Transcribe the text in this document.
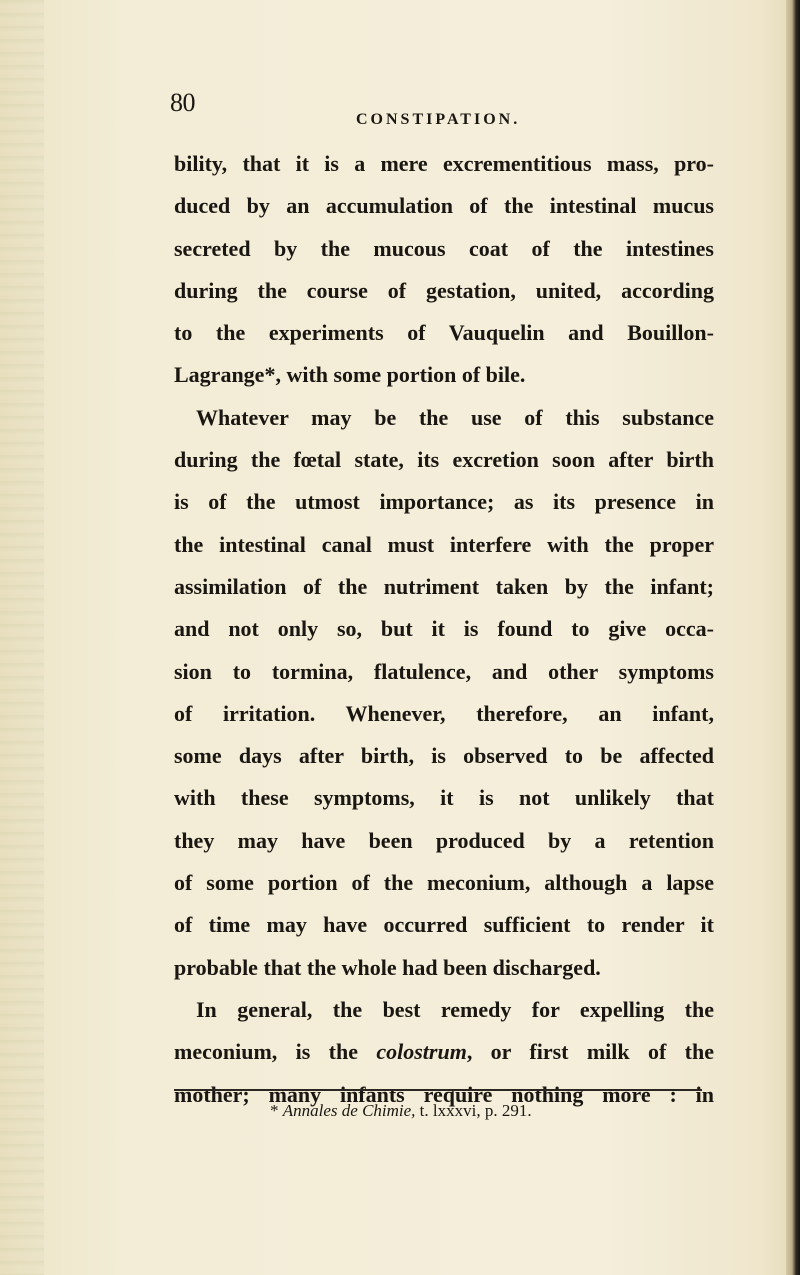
80
CONSTIPATION.
bility, that it is a mere excrementitious mass, pro-
duced by an accumulation of the intestinal mucus
secreted by the mucous coat of the intestines
during the course of gestation, united, according
to the experiments of Vauquelin and Bouillon-
Lagrange*, with some portion of bile.
Whatever may be the use of this substance
during the fœtal state, its excretion soon after birth
is of the utmost importance; as its presence in
the intestinal canal must interfere with the proper
assimilation of the nutriment taken by the infant;
and not only so, but it is found to give occa-
sion to tormina, flatulence, and other symptoms
of irritation. Whenever, therefore, an infant,
some days after birth, is observed to be affected
with these symptoms, it is not unlikely that
they may have been produced by a retention
of some portion of the meconium, although a lapse
of time may have occurred sufficient to render it
probable that the whole had been discharged.
In general, the best remedy for expelling the
meconium, is the colostrum, or first milk of the
mother; many infants require nothing more : in
* Annales de Chimie, t. lxxxvi, p. 291.
